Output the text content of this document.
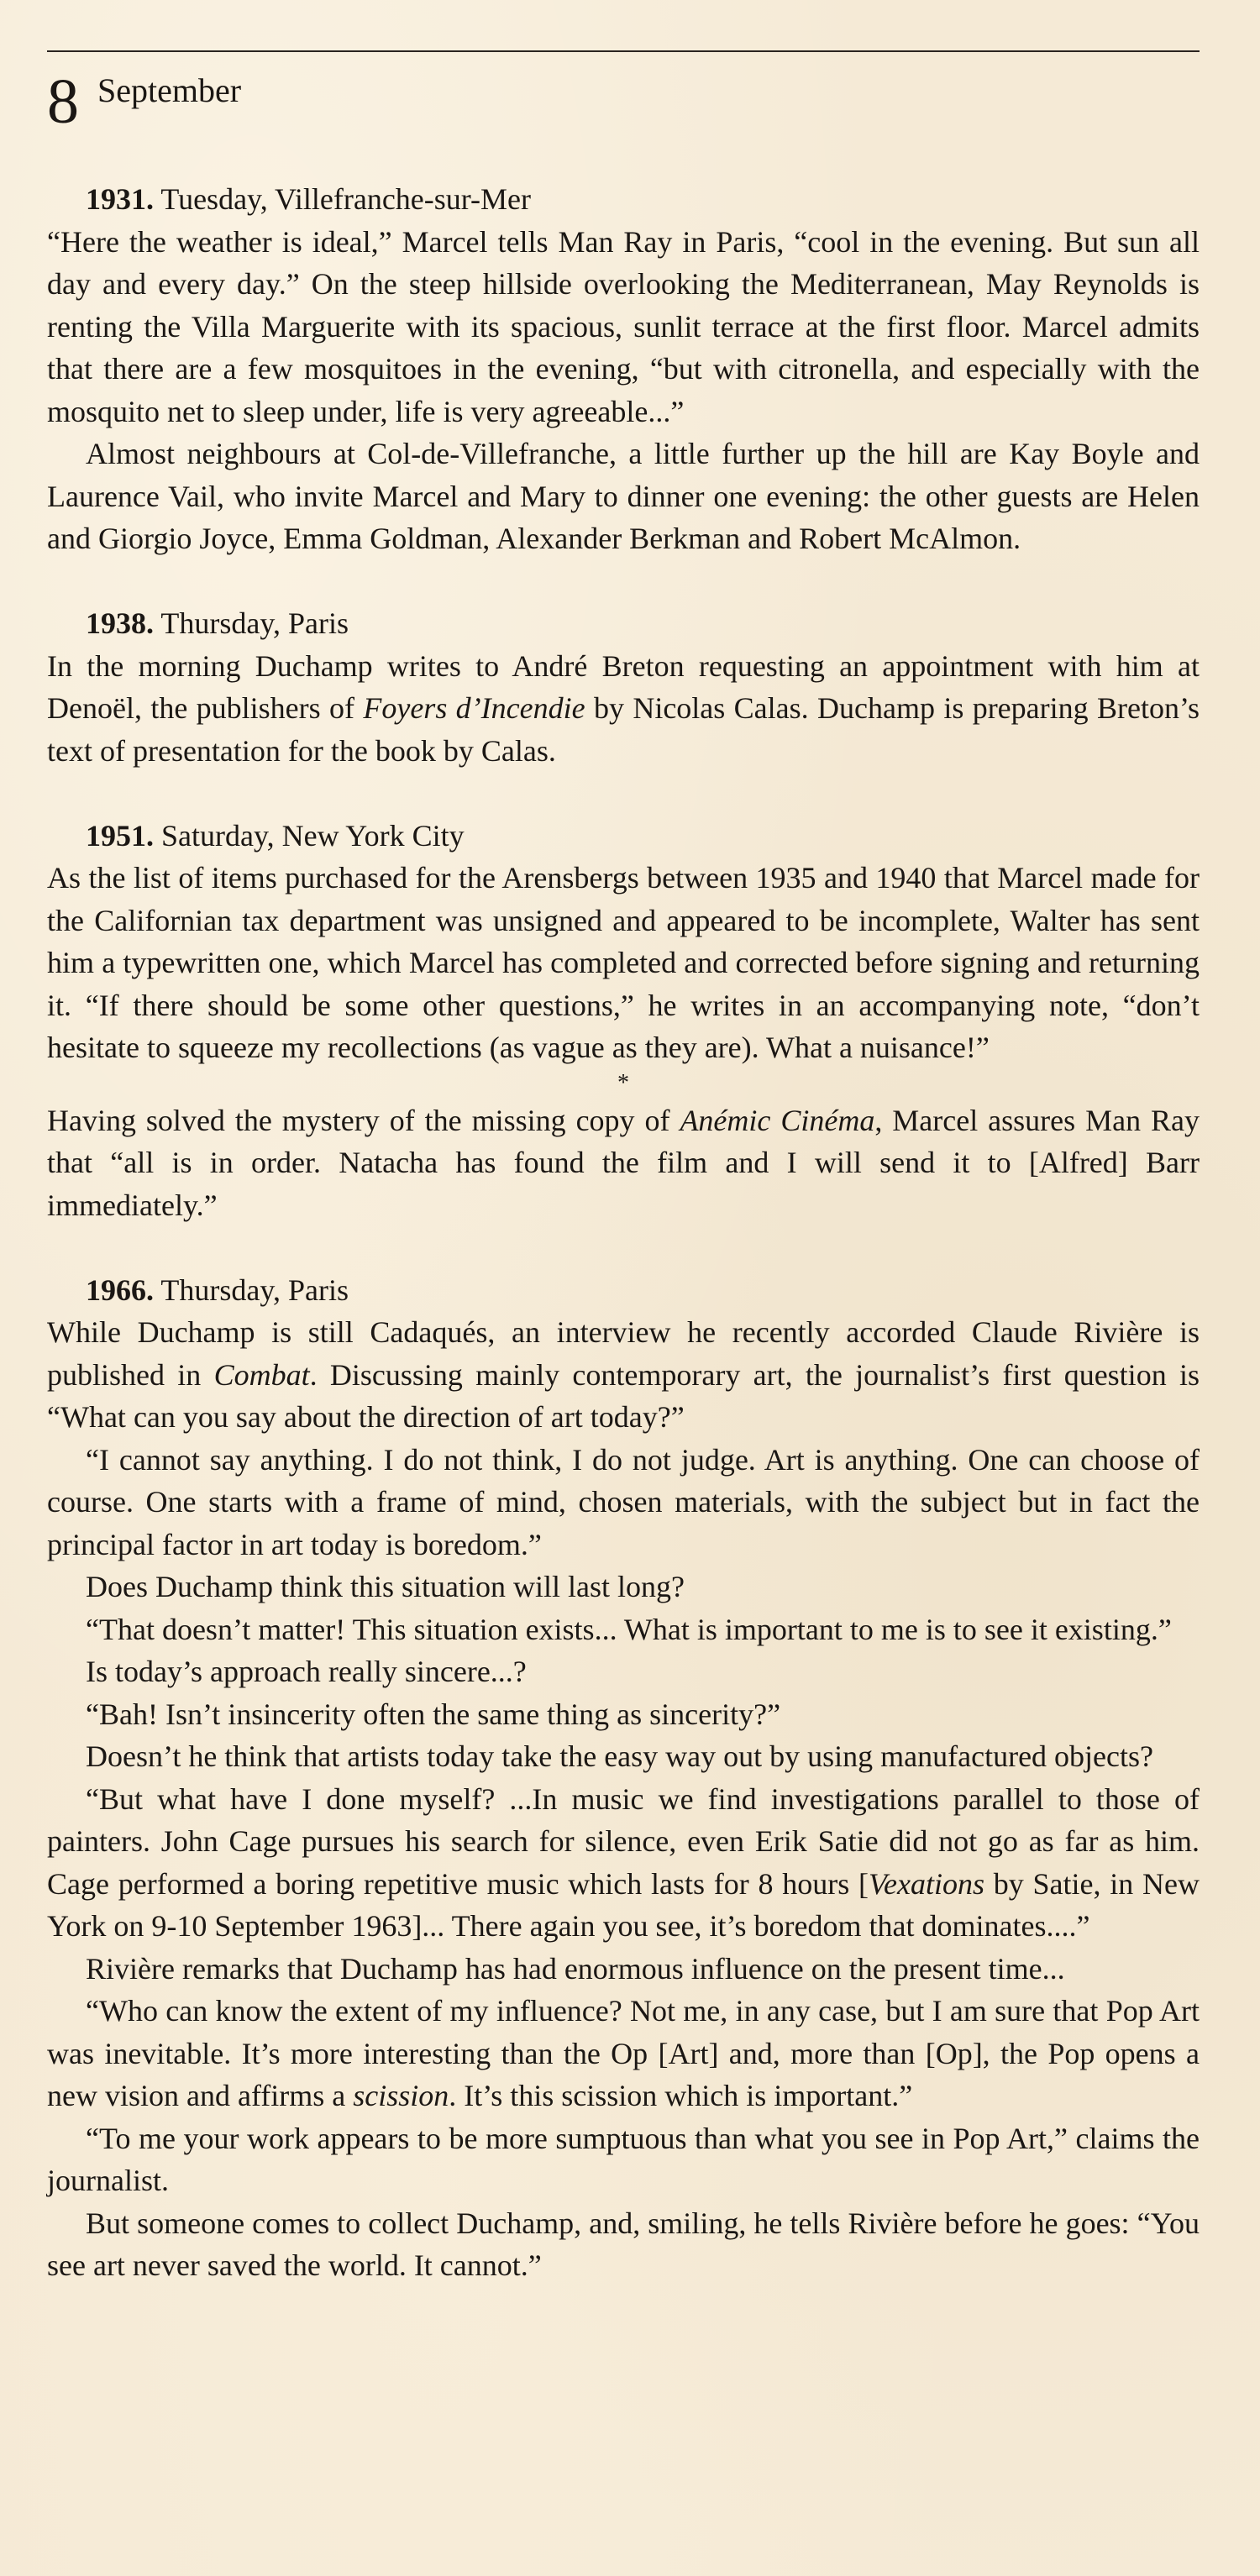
8 September

1931. Tuesday, Villefranche-sur-Mer

“Here the weather is ideal,” Marcel tells Man Ray in Paris, “cool in the evening. But sun all day and every day.” On the steep hillside overlooking the Mediterranean, May Reynolds is renting the Villa Marguerite with its spacious, sunlit terrace at the first floor. Marcel admits that there are a few mosquitoes in the evening, “but with citronella, and especially with the mosquito net to sleep under, life is very agreeable...”

Almost neighbours at Col-de-Villefranche, a little further up the hill are Kay Boyle and Laurence Vail, who invite Marcel and Mary to dinner one evening: the other guests are Helen and Giorgio Joyce, Emma Goldman, Alexander Berkman and Robert McAlmon.

1938. Thursday, Paris

In the morning Duchamp writes to André Breton requesting an appointment with him at Denoël, the publishers of Foyers d’Incendie by Nicolas Calas. Duchamp is preparing Breton’s text of presentation for the book by Calas.

1951. Saturday, New York City

As the list of items purchased for the Arensbergs between 1935 and 1940 that Marcel made for the Californian tax department was unsigned and appeared to be incomplete, Walter has sent him a typewritten one, which Marcel has completed and corrected before signing and returning it. “If there should be some other questions,” he writes in an accompanying note, “don’t hesitate to squeeze my recollections (as vague as they are). What a nuisance!”

*

Having solved the mystery of the missing copy of Anémic Cinéma, Marcel assures Man Ray that “all is in order. Natacha has found the film and I will send it to [Alfred] Barr immediately.”

1966. Thursday, Paris

While Duchamp is still Cadaqués, an interview he recently accorded Claude Rivière is published in Combat. Discussing mainly contemporary art, the journalist’s first question is “What can you say about the direction of art today?”

“I cannot say anything. I do not think, I do not judge. Art is anything. One can choose of course. One starts with a frame of mind, chosen materials, with the subject but in fact the principal factor in art today is boredom.”

Does Duchamp think this situation will last long?

“That doesn’t matter! This situation exists... What is important to me is to see it existing.”

Is today’s approach really sincere...?

“Bah! Isn’t insincerity often the same thing as sincerity?”

Doesn’t he think that artists today take the easy way out by using manufactured objects?

“But what have I done myself? ...In music we find investigations parallel to those of painters. John Cage pursues his search for silence, even Erik Satie did not go as far as him. Cage performed a boring repetitive music which lasts for 8 hours [Vexations by Satie, in New York on 9-10 September 1963]... There again you see, it’s boredom that dominates....”

Rivière remarks that Duchamp has had enormous influence on the present time...

“Who can know the extent of my influence? Not me, in any case, but I am sure that Pop Art was inevitable. It’s more interesting than the Op [Art] and, more than [Op], the Pop opens a new vision and affirms a scission. It’s this scission which is important.”

“To me your work appears to be more sumptuous than what you see in Pop Art,” claims the journalist.

But someone comes to collect Duchamp, and, smiling, he tells Rivière before he goes: “You see art never saved the world. It cannot.”
